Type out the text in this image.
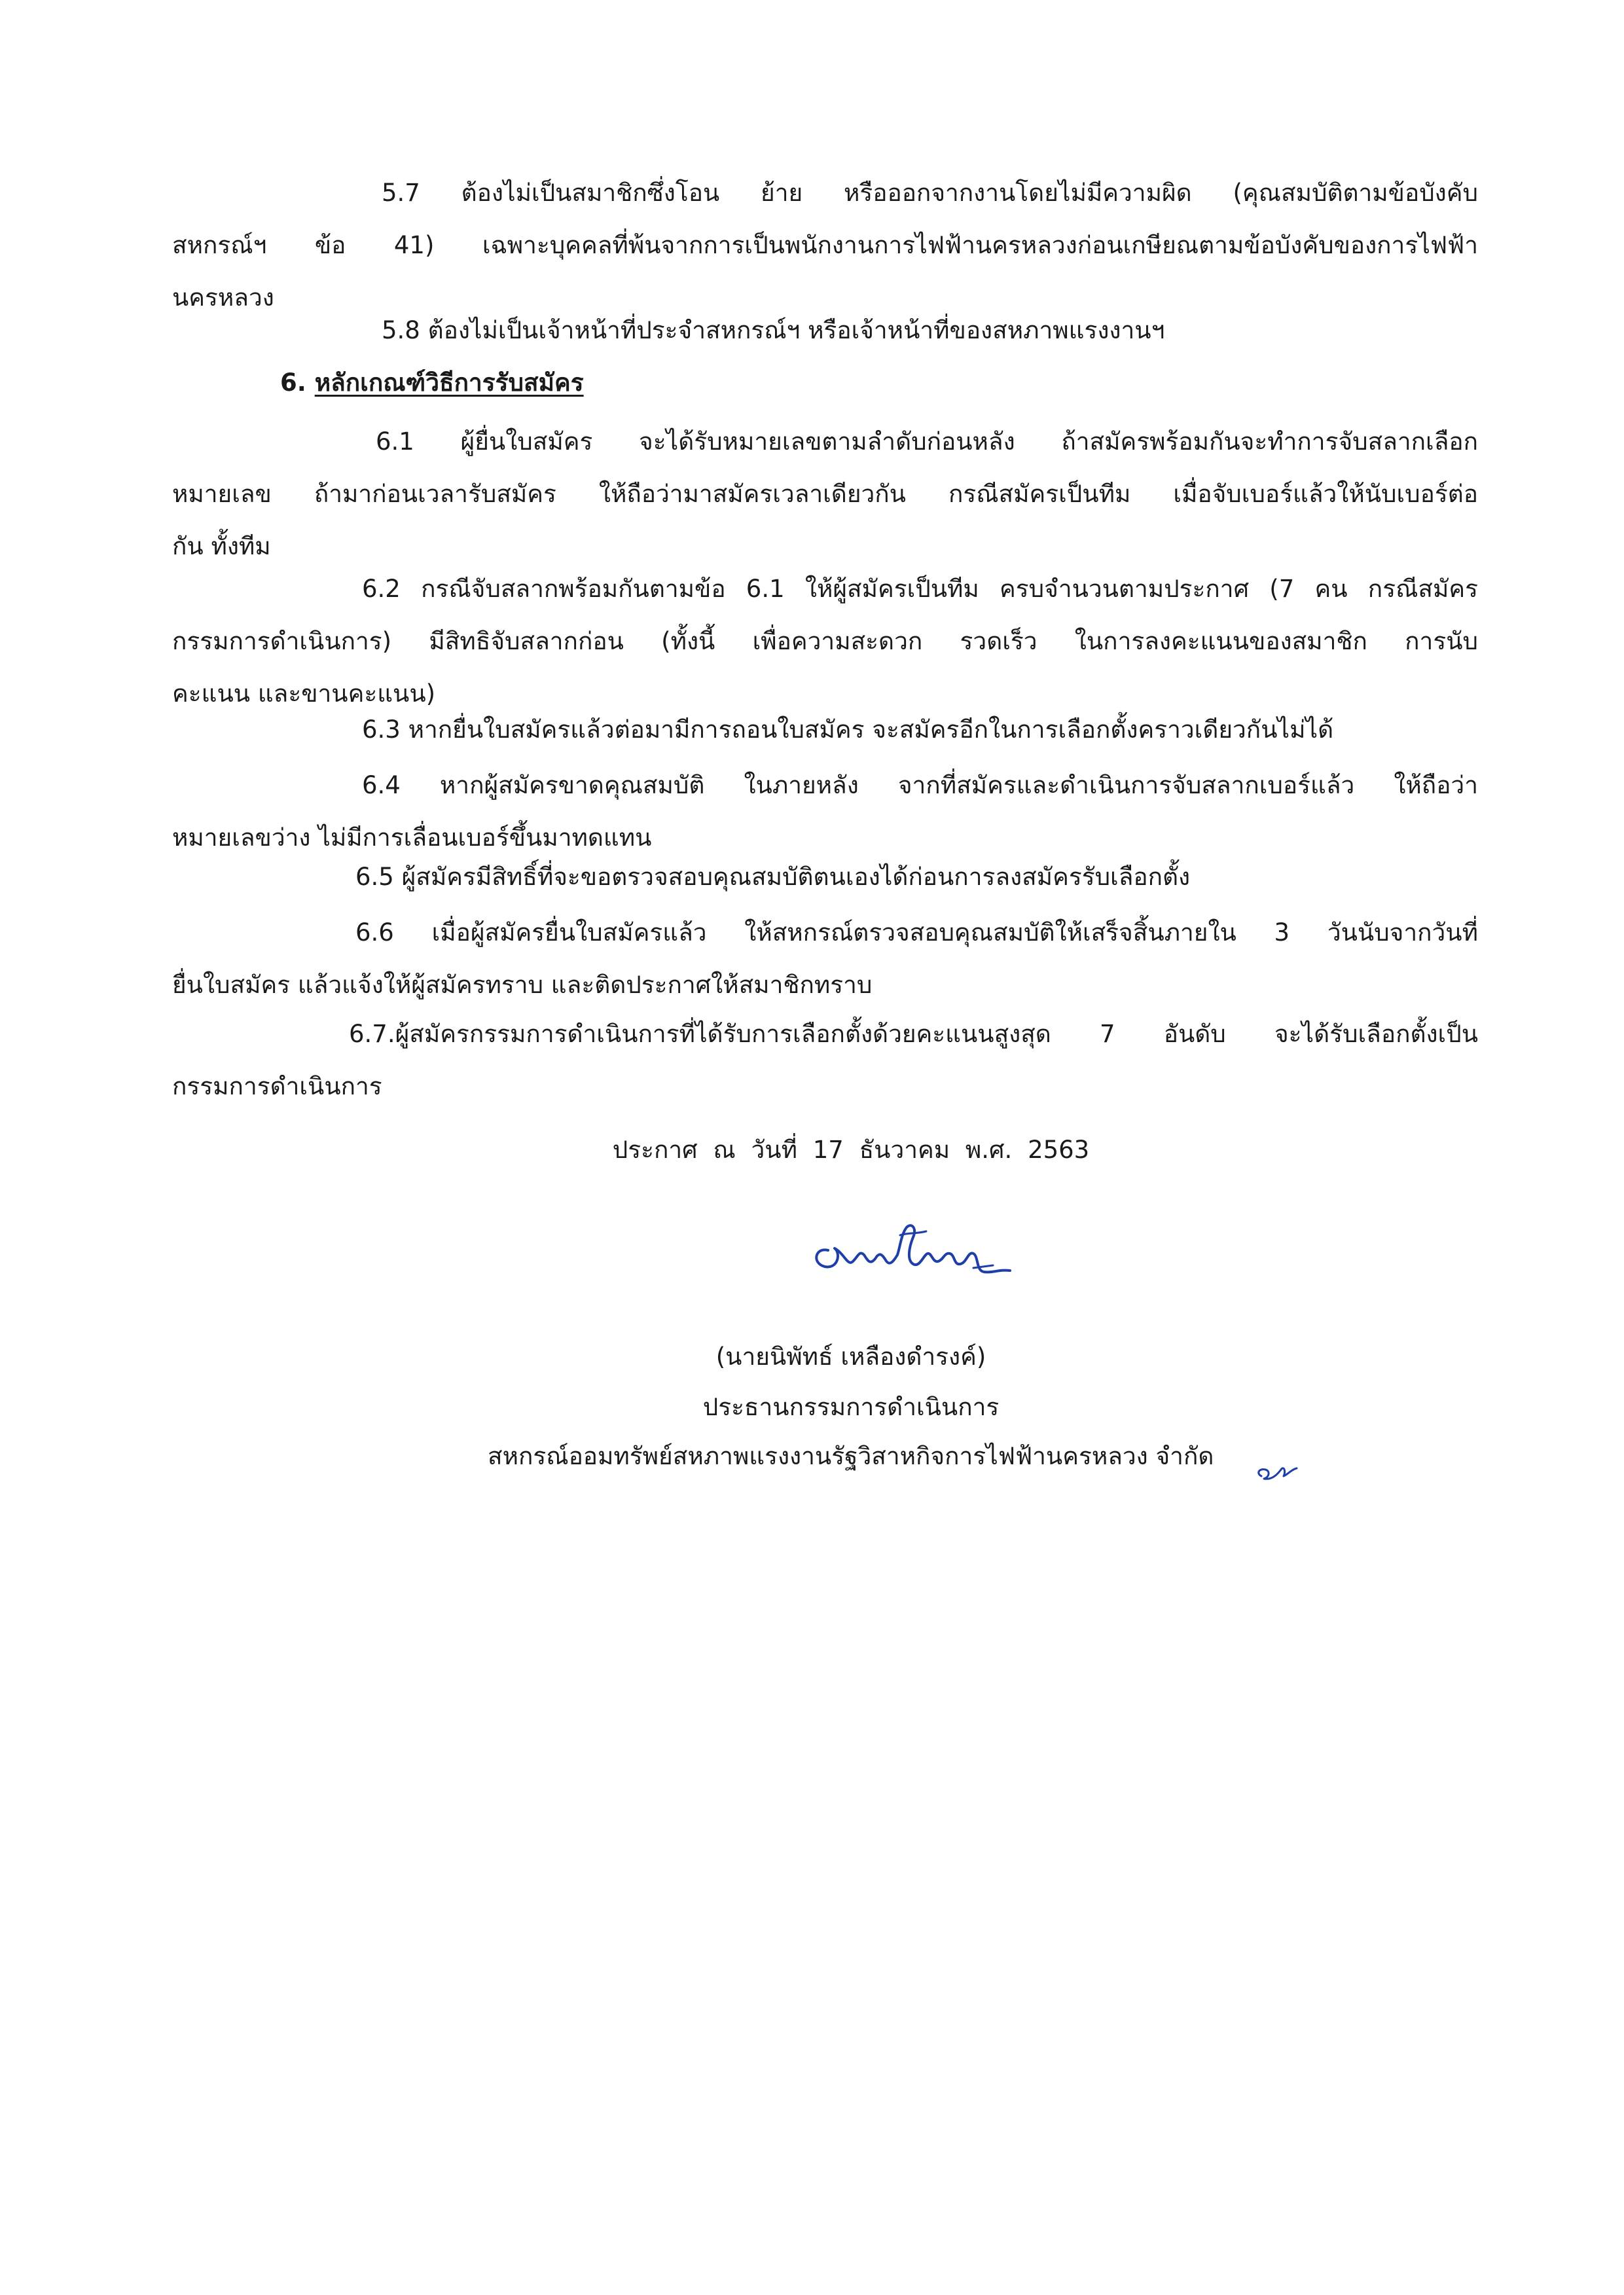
5.7 ต้องไม่เป็นสมาชิกซึ่งโอน ย้าย หรือออกจากงานโดยไม่มีความผิด (คุณสมบัติตามข้อบังคับ
สหกรณ์ฯ ข้อ 41) เฉพาะบุคคลที่พ้นจากการเป็นพนักงานการไฟฟ้านครหลวงก่อนเกษียณตามข้อบังคับของการไฟฟ้า
นครหลวง
5.8 ต้องไม่เป็นเจ้าหน้าที่ประจำสหกรณ์ฯ หรือเจ้าหน้าที่ของสหภาพแรงงานฯ
6. หลักเกณฑ์วิธีการรับสมัคร
6.1 ผู้ยื่นใบสมัคร จะได้รับหมายเลขตามลำดับก่อนหลัง ถ้าสมัครพร้อมกันจะทำการจับสลากเลือก
หมายเลข ถ้ามาก่อนเวลารับสมัคร ให้ถือว่ามาสมัครเวลาเดียวกัน กรณีสมัครเป็นทีม เมื่อจับเบอร์แล้วให้นับเบอร์ต่อ
กัน ทั้งทีม
6.2 กรณีจับสลากพร้อมกันตามข้อ 6.1 ให้ผู้สมัครเป็นทีม ครบจำนวนตามประกาศ (7 คน กรณีสมัคร
กรรมการดำเนินการ) มีสิทธิจับสลากก่อน (ทั้งนี้ เพื่อความสะดวก รวดเร็ว ในการลงคะแนนของสมาชิก การนับ
คะแนน และขานคะแนน)
6.3 หากยื่นใบสมัครแล้วต่อมามีการถอนใบสมัคร จะสมัครอีกในการเลือกตั้งคราวเดียวกันไม่ได้
6.4 หากผู้สมัครขาดคุณสมบัติ ในภายหลัง จากที่สมัครและดำเนินการจับสลากเบอร์แล้ว ให้ถือว่า
หมายเลขว่าง ไม่มีการเลื่อนเบอร์ขึ้นมาทดแทน
6.5 ผู้สมัครมีสิทธิ์ที่จะขอตรวจสอบคุณสมบัติตนเองได้ก่อนการลงสมัครรับเลือกตั้ง
6.6 เมื่อผู้สมัครยื่นใบสมัครแล้ว ให้สหกรณ์ตรวจสอบคุณสมบัติให้เสร็จสิ้นภายใน 3 วันนับจากวันที่
ยื่นใบสมัคร แล้วแจ้งให้ผู้สมัครทราบ และติดประกาศให้สมาชิกทราบ
6.7.ผู้สมัครกรรมการดำเนินการที่ได้รับการเลือกตั้งด้วยคะแนนสูงสุด 7 อันดับ จะได้รับเลือกตั้งเป็น
กรรมการดำเนินการ
ประกาศ ณ วันที่ 17 ธันวาคม พ.ศ. 2563
(นายนิพัทธ์ เหลืองดำรงค์)
ประธานกรรมการดำเนินการ
สหกรณ์ออมทรัพย์สหภาพแรงงานรัฐวิสาหกิจการไฟฟ้านครหลวง จำกัด
